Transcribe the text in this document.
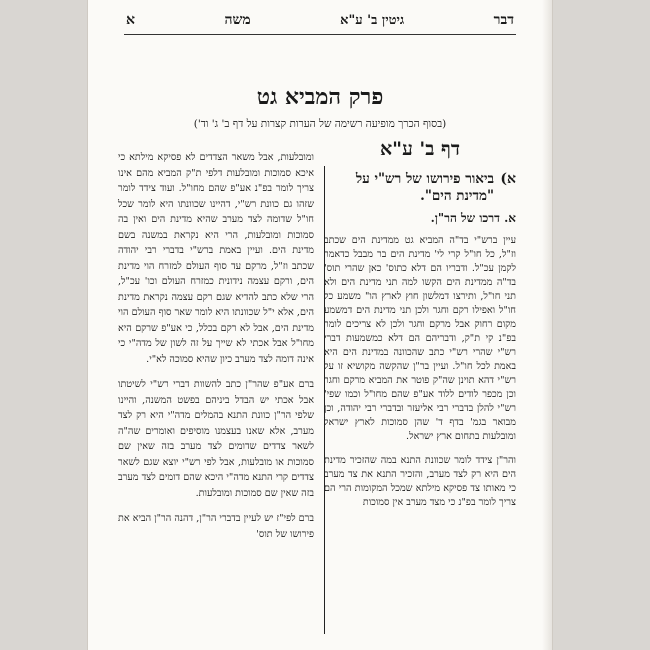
דבר
גיטין ב' ע"א
משה
א
פרק המביא גט
(בסוף הכרך מופיעה רשימה של הערות קצרות על דף ב' ג' וד')
דף ב' ע"א
א)
ביאור פירושו של רש"י על "מדינת הים".
א. דרכו של הר"ן.

עיין ברש"י בד"ה המביא גט ממדינת הים שכתב וז"ל, כל חו"ל קרי לי' מדינת הים בר מבבל כדאמר לקמן עכ"ל. ודבריו הם דלא כתוס' כאן שהרי תוס' בד"ה ממדינת הים הקשו למה תני מדינת הים ולא תני חו"ל, ותירצו דמלשון חוץ לארץ הו" משמע כל חו"ל ואפילו רקם וחגר ולכן תני מדינת הים דמשמע מקום רחוק אבל מרקם וחגר ולכן לא צריכים לומר בפ"נ קי ת"ק, ודבריהם הם דלא כמשמעות דברי רש"י שהרי רש"י כתב שהכוונה במדינת הים היא באמת לכל חו"ל. ועיין בר"ן שהקשה מקושיא זו על רש"י דהא תוינן שה"ק פוטר את המביא מרקם וחגר וכן מכפר לודים ללוד אע"פ שהם מחו"ל וכמו שפי' רש"י להלן בדברי רבי אליעזר ובדברי רבי יהודה, וכן מבואר בגמ' בדף ד' שהן סמוכות לארץ ישראל ומובלעות בתחום ארץ ישראל.

והר"ן צידד לומר שכוונת התנא במה שהזכיר מדינת הים היא רק לצד מערב, והזכיר התנא את צד מערב כי מאותו צד פסיקא מילתא שמכל המקומות הרי הם צריך לומר בפ"נ כי מצד מערב אין סמוכות

ומובלעות, אבל משאר הצדדים לא פסיקא מילתא כי איכא סמוכות ומובלעות דלפי ת"ק המביא מהם אינו צריך לומר בפ"נ אע"פ שהם מחו"ל. ועוד צידד לומר שזהו גם כוונת רש"י, דהיינו שכוונתו היא לומר שכל חו"ל שדומה לצד מערב שהיא מדינת הים ואין בה סמוכות ומובלעות, הרי היא נקראת במשנה בשם מדינת הים. ועיין באמת ברש"י בדברי רבי יהודה שכתב וז"ל, מרקם עד סוף העולם למזרח הוי מדינת הים, ורקם עצמה נידונית כמזרח העולם וכו' עכ"ל, הרי שלא כתב להדיא שגם רקם עצמה נקראת מדינת הים, אלא י"ל שכוונתו היא לומר שאר סוף העולם הוי מדינת הים, אבל לא רקם בכלל, כי אע"פ שרקם היא מחו"ל אבל אכתי לא שייך על זה לשון של מדה"י כי אינה דומה לצד מערב כיון שהיא סמוכה לא"י.

ברם אע"פ שהר"ן כתב להשוות דברי רש"י לשיטתו אבל אכתי יש הבדל ביניהם בפשט המשנה, והיינו שלפי הר"ן כוונת התנא בהמלים מדה"י היא רק לצד מערב, אלא שאנו בעצמנו מוסיפים ואומרים שה"ה לשאר צדדים שדומים לצד מערב בזה שאין שם סמוכות או מובלעות, אבל לפי רש"י יוצא שגם לשאר צדדים קרי התנא מדה"י היכא שהם דומים לצד מערב בזה שאין שם סמוכות ומובלעות.

ברם לפי"ז יש לעיין בדברי הר"ן, דהנה הר"ן הביא את פירושו של תוס'
